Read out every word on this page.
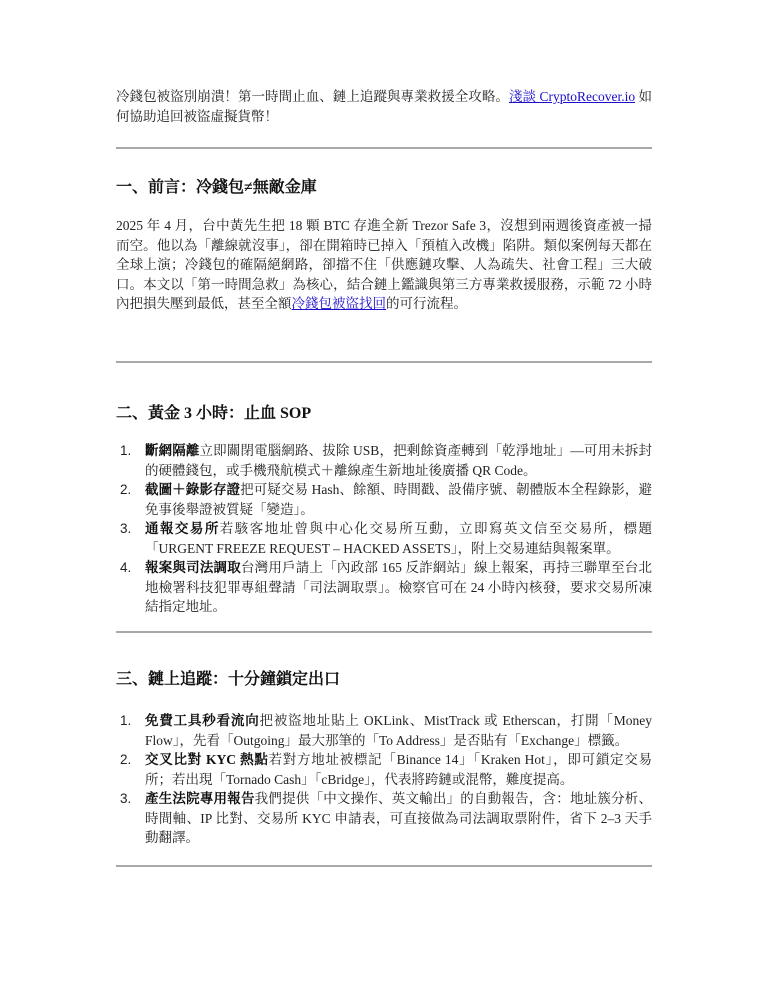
冷錢包被盜別崩潰！第一時間止血、鏈上追蹤與專業救援全攻略。淺談 CryptoRecover.io 如何協助追回被盜虛擬貨幣！
一、前言：冷錢包≠無敵金庫
2025 年 4 月，台中黃先生把 18 顆 BTC 存進全新 Trezor Safe 3，沒想到兩週後資產被一掃而空。他以為「離線就沒事」，卻在開箱時已掉入「預植入改機」陷阱。類似案例每天都在全球上演；冷錢包的確隔絕網路，卻擋不住「供應鏈攻擊、人為疏失、社會工程」三大破口。本文以「第一時間急救」為核心，結合鏈上鑑識與第三方專業救援服務，示範 72 小時內把損失壓到最低，甚至全額冷錢包被盜找回的可行流程。
二、黃金 3 小時：止血 SOP
1. 斷網隔離立即關閉電腦網路、拔除 USB，把剩餘資產轉到「乾淨地址」—可用未拆封的硬體錢包，或手機飛航模式＋離線產生新地址後廣播 QR Code。
2. 截圖＋錄影存證把可疑交易 Hash、餘額、時間戳、設備序號、韌體版本全程錄影，避免事後舉證被質疑「變造」。
3. 通報交易所若駭客地址曾與中心化交易所互動，立即寫英文信至交易所，標題「URGENT FREEZE REQUEST – HACKED ASSETS」，附上交易連結與報案單。
4. 報案與司法調取台灣用戶請上「內政部 165 反詐網站」線上報案，再持三聯單至台北地檢署科技犯罪專組聲請「司法調取票」。檢察官可在 24 小時內核發，要求交易所凍結指定地址。
三、鏈上追蹤：十分鐘鎖定出口
1. 免費工具秒看流向把被盜地址貼上 OKLink、MistTrack 或 Etherscan，打開「Money Flow」，先看「Outgoing」最大那筆的「To Address」是否貼有「Exchange」標籤。
2. 交叉比對 KYC 熱點若對方地址被標記「Binance 14」「Kraken Hot」，即可鎖定交易所；若出現「Tornado Cash」「cBridge」，代表將跨鏈或混幣，難度提高。
3. 產生法院專用報告我們提供「中文操作、英文輸出」的自動報告，含：地址簇分析、時間軸、IP 比對、交易所 KYC 申請表，可直接做為司法調取票附件，省下 2–3 天手動翻譯。
